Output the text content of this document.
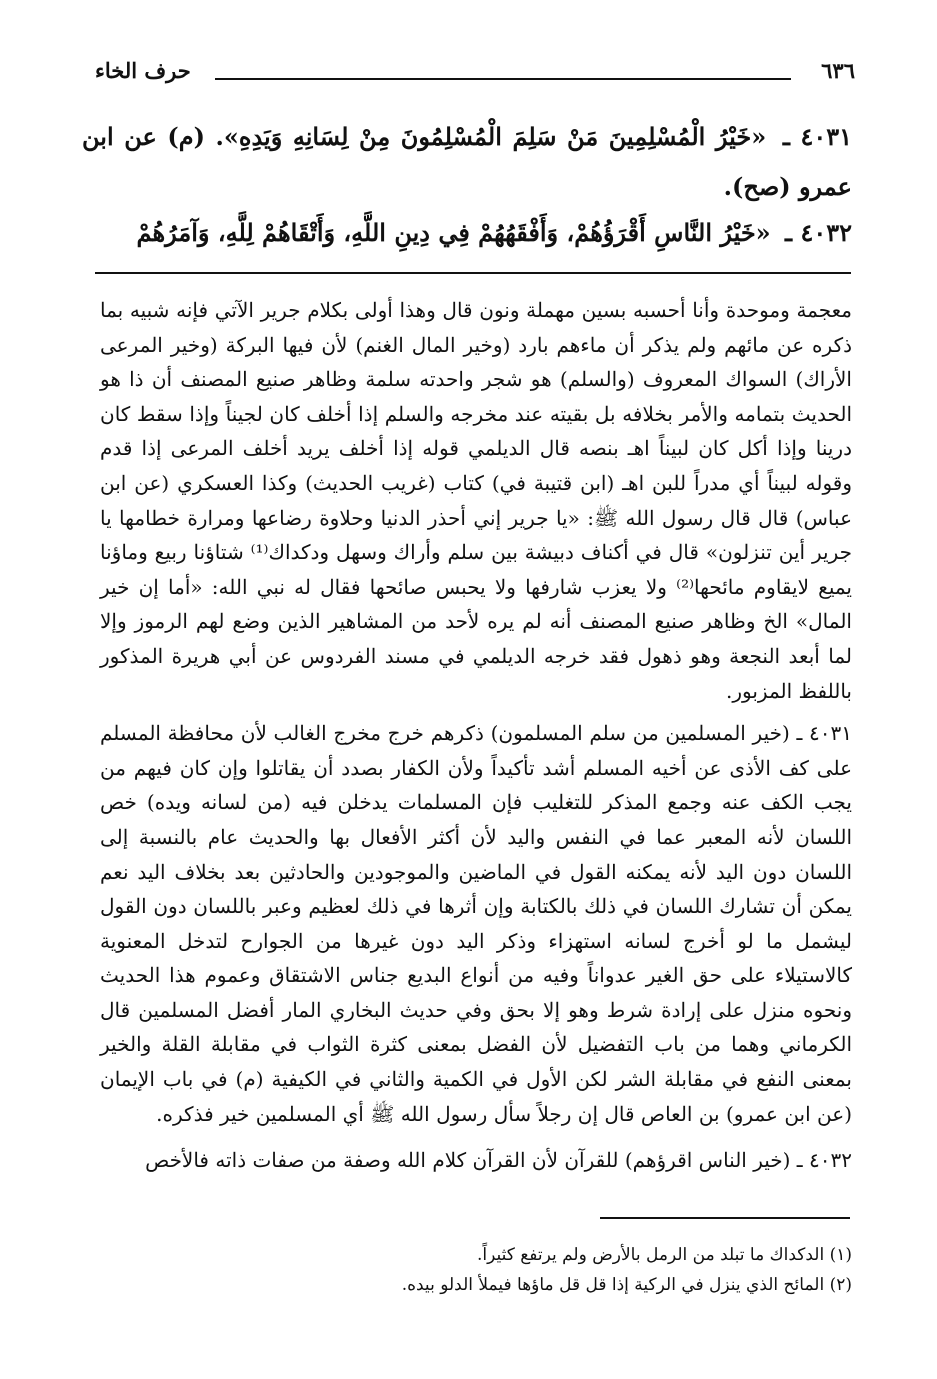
٦٣٦
حرف الخاء
٤٠٣١ ـ «خَيْرُ الْمُسْلِمِينَ مَنْ سَلِمَ الْمُسْلِمُونَ مِنْ لِسَانِهِ وَيَدِهِ». (م) عن ابن عمرو (صح).
٤٠٣٢ ـ «خَيْرُ النَّاسِ أَقْرَؤُهُمْ، وَأَفْقَهُهُمْ فِي دِينِ اللَّهِ، وَأَتْقَاهُمْ لِلَّهِ، وَآمَرُهُمْ

معجمة وموحدة وأنا أحسبه بسين مهملة ونون قال وهذا أولى بكلام جرير الآتي فإنه شبيه بما ذكره عن مائهم ولم يذكر أن ماءهم بارد (وخير المال الغنم) لأن فيها البركة (وخير المرعى الأراك) السواك المعروف (والسلم) هو شجر واحدته سلمة وظاهر صنيع المصنف أن ذا هو الحديث بتمامه والأمر بخلافه بل بقيته عند مخرجه والسلم إذا أخلف كان لجيناً وإذا سقط كان درينا وإذا أكل كان لبيناً اهـ بنصه قال الديلمي قوله إذا أخلف يريد أخلف المرعى إذا قدم وقوله لبيناً أي مدراً للبن اهـ (ابن قتيبة في) كتاب (غريب الحديث) وكذا العسكري (عن ابن عباس) قال قال رسول الله ﷺ: «يا جرير إني أحذر الدنيا وحلاوة رضاعها ومرارة خطامها يا جرير أين تنزلون» قال في أكناف دبيشة بين سلم وأراك وسهل ودكداك⁽¹⁾ شتاؤنا ربيع وماؤنا يميع لايقاوم مائحها⁽²⁾ ولا يعزب شارفها ولا يحبس صائحها فقال له نبي الله: «أما إن خير المال» الخ وظاهر صنيع المصنف أنه لم يره لأحد من المشاهير الذين وضع لهم الرموز وإلا لما أبعد النجعة وهو ذهول فقد خرجه الديلمي في مسند الفردوس عن أبي هريرة المذكور باللفظ المزبور.

٤٠٣١ ـ (خير المسلمين من سلم المسلمون) ذكرهم خرج مخرج الغالب لأن محافظة المسلم على كف الأذى عن أخيه المسلم أشد تأكيداً ولأن الكفار بصدد أن يقاتلوا وإن كان فيهم من يجب الكف عنه وجمع المذكر للتغليب فإن المسلمات يدخلن فيه (من لسانه ويده) خص اللسان لأنه المعبر عما في النفس واليد لأن أكثر الأفعال بها والحديث عام بالنسبة إلى اللسان دون اليد لأنه يمكنه القول في الماضين والموجودين والحادثين بعد بخلاف اليد نعم يمكن أن تشارك اللسان في ذلك بالكتابة وإن أثرها في ذلك لعظيم وعبر باللسان دون القول ليشمل ما لو أخرج لسانه استهزاء وذكر اليد دون غيرها من الجوارح لتدخل المعنوية كالاستيلاء على حق الغير عدواناً وفيه من أنواع البديع جناس الاشتقاق وعموم هذا الحديث ونحوه منزل على إرادة شرط وهو إلا بحق وفي حديث البخاري المار أفضل المسلمين قال الكرماني وهما من باب التفضيل لأن الفضل بمعنى كثرة الثواب في مقابلة القلة والخير بمعنى النفع في مقابلة الشر لكن الأول في الكمية والثاني في الكيفية (م) في باب الإيمان (عن ابن عمرو) بن العاص قال إن رجلاً سأل رسول الله ﷺ أي المسلمين خير فذكره.

٤٠٣٢ ـ (خير الناس اقرؤهم) للقرآن لأن القرآن كلام الله وصفة من صفات ذاته فالأخص

(١) الدكداك ما تبلد من الرمل بالأرض ولم يرتفع كثيراً.

(٢) المائح الذي ينزل في الركية إذا قل قل ماؤها فيملأ الدلو بيده.
